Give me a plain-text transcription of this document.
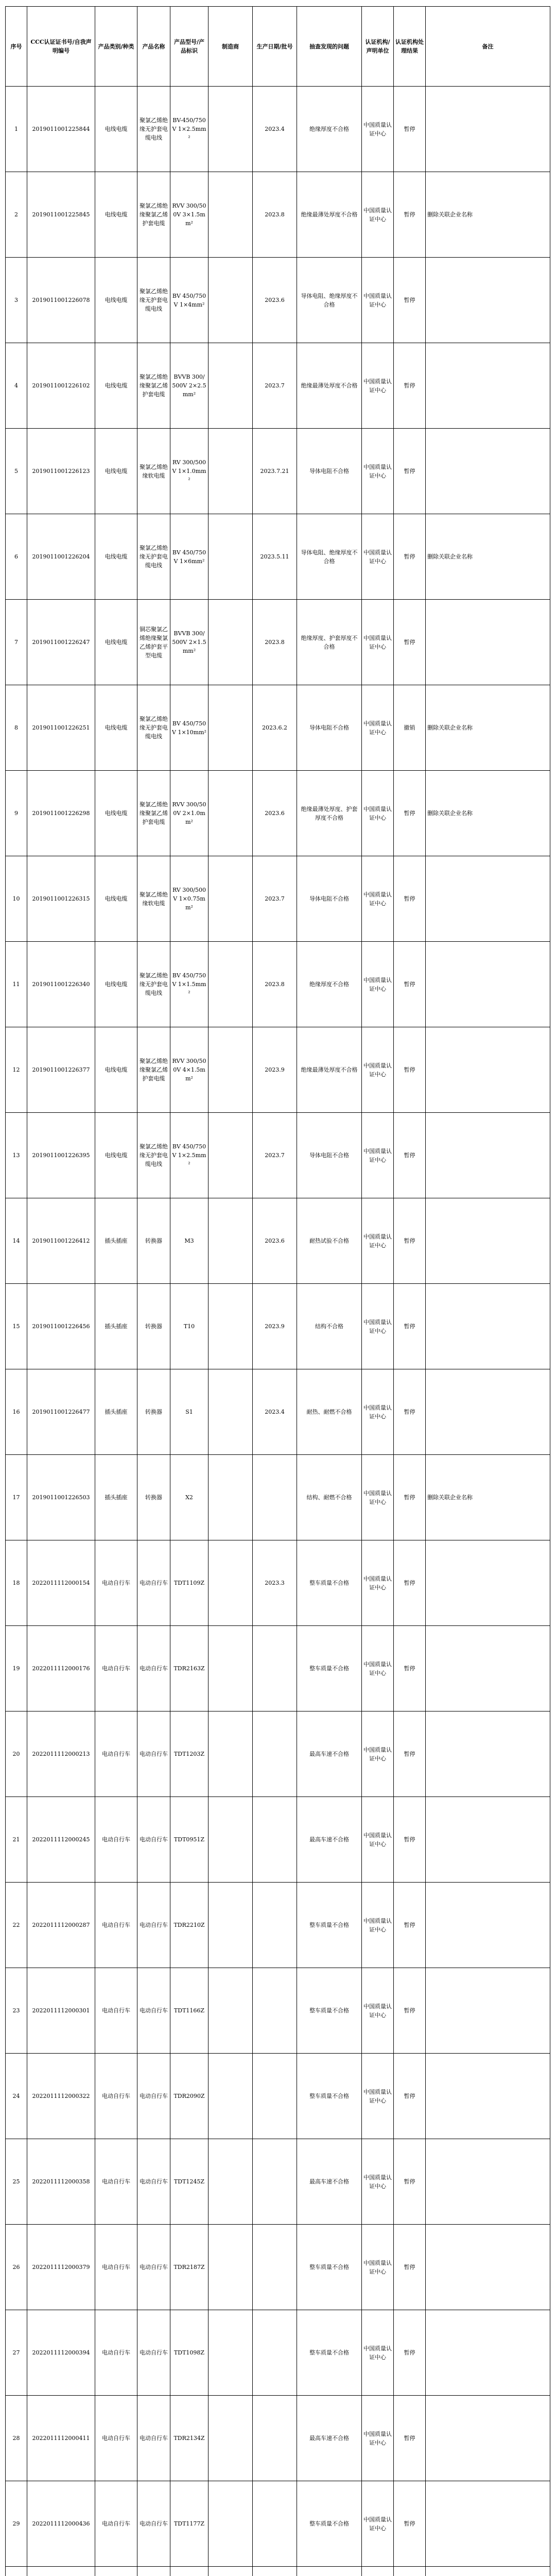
序号	CCC认证证书号/自我声明编号	产品类别/种类	产品名称	产品型号/产品标识	制造商	生产日期/批号	抽查发现的问题	认证机构/声明单位	认证机构处理结果	备注
1	2019011001225844	电线电缆	聚氯乙烯绝缘无护套电缆电线	BV-450/750V 1×2.5mm²		2023.4	绝缘厚度不合格	中国质量认证中心	暂停	
2	2019011001225845	电线电缆	聚氯乙烯绝缘聚氯乙烯护套电缆	RVV 300/500V 3×1.5mm²		2023.8	绝缘最薄处厚度不合格	中国质量认证中心	暂停	删除关联企业名称
3	2019011001226078	电线电缆	聚氯乙烯绝缘无护套电缆电线	BV 450/750V 1×4mm²		2023.6	导体电阻、绝缘厚度不合格	中国质量认证中心	暂停	
4	2019011001226102	电线电缆	聚氯乙烯绝缘聚氯乙烯护套电缆	BVVB 300/500V 2×2.5mm²		2023.7	绝缘最薄处厚度不合格	中国质量认证中心	暂停	
5	2019011001226123	电线电缆	聚氯乙烯绝缘软电缆	RV 300/500V 1×1.0mm²		2023.7.21	导体电阻不合格	中国质量认证中心	暂停	
6	2019011001226204	电线电缆	聚氯乙烯绝缘无护套电缆电线	BV 450/750V 1×6mm²		2023.5.11	导体电阻、绝缘厚度不合格	中国质量认证中心	暂停	删除关联企业名称
7	2019011001226247	电线电缆	铜芯聚氯乙烯绝缘聚氯乙烯护套平型电缆	BVVB 300/500V 2×1.5mm²		2023.8	绝缘厚度、护套厚度不合格	中国质量认证中心	暂停	
8	2019011001226251	电线电缆	聚氯乙烯绝缘无护套电缆电线	BV 450/750V 1×10mm²		2023.6.2	导体电阻不合格	中国质量认证中心	撤销	删除关联企业名称
9	2019011001226298	电线电缆	聚氯乙烯绝缘聚氯乙烯护套电缆	RVV 300/500V 2×1.0mm²		2023.6	绝缘最薄处厚度、护套厚度不合格	中国质量认证中心	暂停	删除关联企业名称
10	2019011001226315	电线电缆	聚氯乙烯绝缘软电缆	RV 300/500V 1×0.75mm²		2023.7	导体电阻不合格	中国质量认证中心	暂停	
11	2019011001226340	电线电缆	聚氯乙烯绝缘无护套电缆电线	BV 450/750V 1×1.5mm²		2023.8	绝缘厚度不合格	中国质量认证中心	暂停	
12	2019011001226377	电线电缆	聚氯乙烯绝缘聚氯乙烯护套电缆	RVV 300/500V 4×1.5mm²		2023.9	绝缘最薄处厚度不合格	中国质量认证中心	暂停	
13	2019011001226395	电线电缆	聚氯乙烯绝缘无护套电缆电线	BV 450/750V 1×2.5mm²		2023.7	导体电阻不合格	中国质量认证中心	暂停	
14	2019011001226412	插头插座	转换器	M3		2023.6	耐热试验不合格	中国质量认证中心	暂停	
15	2019011001226456	插头插座	转换器	T10		2023.9	结构不合格	中国质量认证中心	暂停	
16	2019011001226477	插头插座	转换器	S1		2023.4	耐热、耐燃不合格	中国质量认证中心	暂停	
17	2019011001226503	插头插座	转换器	X2			结构、耐燃不合格	中国质量认证中心	暂停	删除关联企业名称
18	2022011112000154	电动自行车	电动自行车	TDT1109Z		2023.3	整车质量不合格	中国质量认证中心	暂停	
19	2022011112000176	电动自行车	电动自行车	TDR2163Z			整车质量不合格	中国质量认证中心	暂停	
20	2022011112000213	电动自行车	电动自行车	TDT1203Z			最高车速不合格	中国质量认证中心	暂停	
21	2022011112000245	电动自行车	电动自行车	TDT0951Z			最高车速不合格	中国质量认证中心	暂停	
22	2022011112000287	电动自行车	电动自行车	TDR2210Z			整车质量不合格	中国质量认证中心	暂停	
23	2022011112000301	电动自行车	电动自行车	TDT1166Z			整车质量不合格	中国质量认证中心	暂停	
24	2022011112000322	电动自行车	电动自行车	TDR2090Z			整车质量不合格	中国质量认证中心	暂停	
25	2022011112000358	电动自行车	电动自行车	TDT1245Z			最高车速不合格	中国质量认证中心	暂停	
26	2022011112000379	电动自行车	电动自行车	TDR2187Z			整车质量不合格	中国质量认证中心	暂停	
27	2022011112000394	电动自行车	电动自行车	TDT1098Z			整车质量不合格	中国质量认证中心	暂停	
28	2022011112000411	电动自行车	电动自行车	TDR2134Z			最高车速不合格	中国质量认证中心	暂停	
29	2022011112000436	电动自行车	电动自行车	TDT1177Z			整车质量不合格	中国质量认证中心	暂停	
